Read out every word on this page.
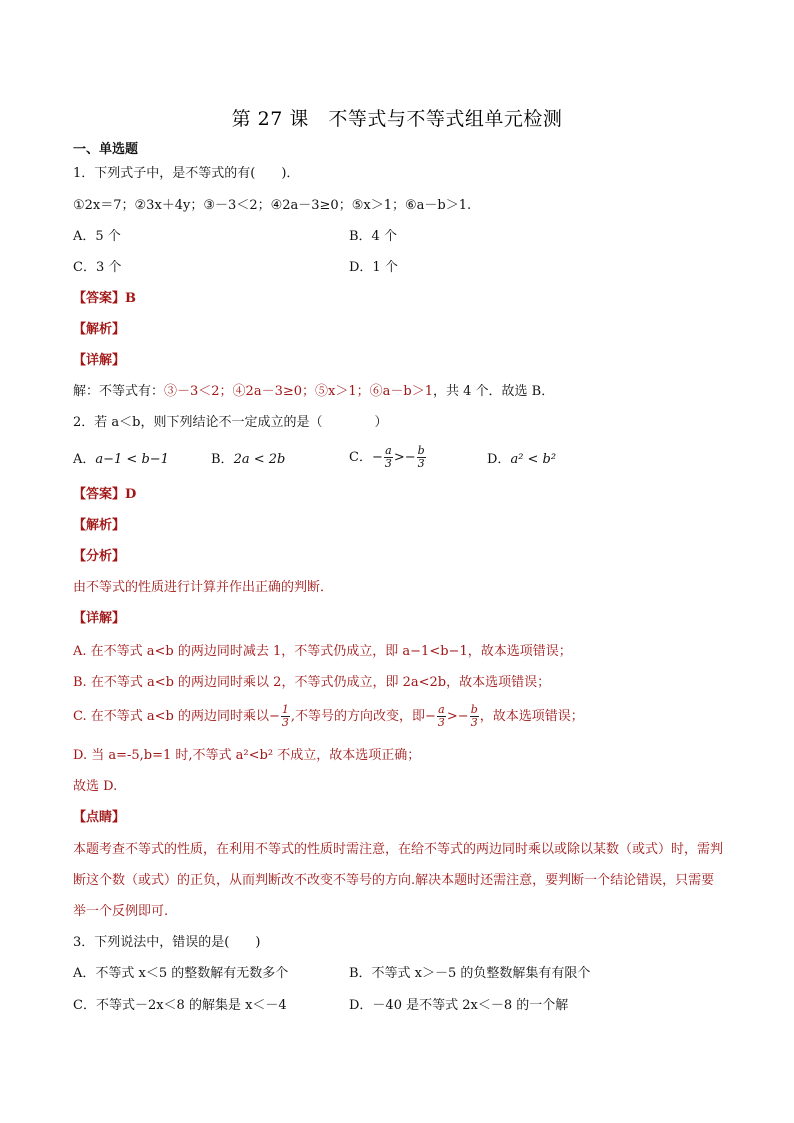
第 27 课　不等式与不等式组单元检测
一、单选题
1．下列式子中，是不等式的有(　　)．
①2x＝7；②3x＋4y；③－3＜2；④2a－3≥0；⑤x＞1；⑥a－b＞1.
A．5 个	B．4 个
C．3 个	D．1 个
【答案】B
【解析】
【详解】
解：不等式有：③－3＜2；④2a－3≥0；⑤x＞1；⑥a－b＞1，共 4 个．故选 B．
2．若 a＜b，则下列结论不一定成立的是（　　　　）
A．a−1 < b−1	B．2a < 2b	C．− $\frac{a}{3} >- \frac{b}{3}$	D．a² < b²
【答案】D
【解析】
【分析】
由不等式的性质进行计算并作出正确的判断．
【详解】
A. 在不等式 a<b 的两边同时减去 1，不等式仍成立，即 a−1<b−1，故本选项错误；
B. 在不等式 a<b 的两边同时乘以 2，不等式仍成立，即 2a<2b，故本选项错误；
C. 在不等式 a<b 的两边同时乘以− $\frac{1}{3}$ ,不等号的方向改变，即− $\frac{a}{3} >- \frac{b}{3}$ ，故本选项错误；
D. 当 a=-5,b=1 时,不等式 a²<b² 不成立，故本选项正确；
故选 D.
【点睛】
本题考查不等式的性质，在利用不等式的性质时需注意，在给不等式的两边同时乘以或除以某数（或式）时，需判断这个数（或式）的正负，从而判断改不改变不等号的方向.解决本题时还需注意，要判断一个结论错误，只需要举一个反例即可.
3．下列说法中，错误的是(　　)
A．不等式 x＜5 的整数解有无数多个	B．不等式 x＞－5 的负整数解集有有限个
C．不等式－2x＜8 的解集是 x＜－4	D．－40 是不等式 2x＜－8 的一个解
